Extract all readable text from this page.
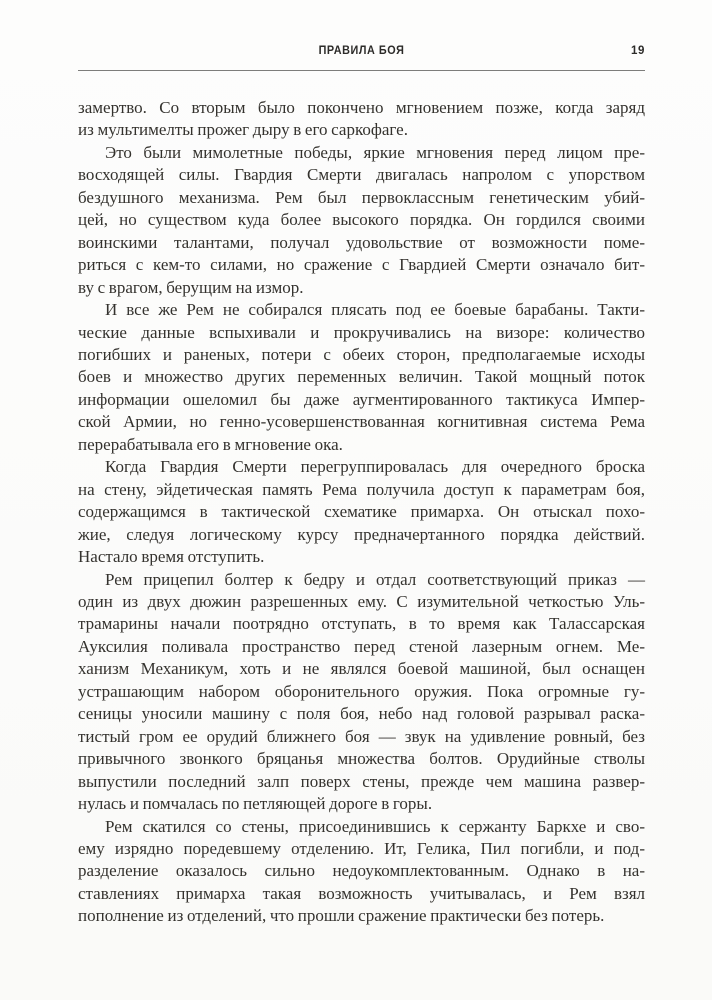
ПРАВИЛА БОЯ	19
замертво. Со вторым было покончено мгновением позже, когда заряд
из мультимелты прожег дыру в его саркофаге.
Это были мимолетные победы, яркие мгновения перед лицом пре-
восходящей силы. Гвардия Смерти двигалась напролом с упорством
бездушного механизма. Рем был первоклассным генетическим убий-
цей, но существом куда более высокого порядка. Он гордился своими
воинскими талантами, получал удовольствие от возможности поме-
риться с кем-то силами, но сражение с Гвардией Смерти означало бит-
ву с врагом, берущим на измор.
И все же Рем не собирался плясать под ее боевые барабаны. Такти-
ческие данные вспыхивали и прокручивались на визоре: количество
погибших и раненых, потери с обеих сторон, предполагаемые исходы
боев и множество других переменных величин. Такой мощный поток
информации ошеломил бы даже аугментированного тактикуса Импер-
ской Армии, но генно-усовершенствованная когнитивная система Рема
перерабатывала его в мгновение ока.
Когда Гвардия Смерти перегруппировалась для очередного броска
на стену, эйдетическая память Рема получила доступ к параметрам боя,
содержащимся в тактической схематике примарха. Он отыскал похо-
жие, следуя логическому курсу предначертанного порядка действий.
Настало время отступить.
Рем прицепил болтер к бедру и отдал соответствующий приказ —
один из двух дюжин разрешенных ему. С изумительной четкостью Уль-
трамарины начали поотрядно отступать, в то время как Талассарская
Ауксилия поливала пространство перед стеной лазерным огнем. Ме-
ханизм Механикум, хоть и не являлся боевой машиной, был оснащен
устрашающим набором оборонительного оружия. Пока огромные гу-
сеницы уносили машину с поля боя, небо над головой разрывал раска-
тистый гром ее орудий ближнего боя — звук на удивление ровный, без
привычного звонкого бряцанья множества болтов. Орудийные стволы
выпустили последний залп поверх стены, прежде чем машина развер-
нулась и помчалась по петляющей дороге в горы.
Рем скатился со стены, присоединившись к сержанту Баркхе и сво-
ему изрядно поредевшему отделению. Ит, Гелика, Пил погибли, и под-
разделение оказалось сильно недоукомплектованным. Однако в на-
ставлениях примарха такая возможность учитывалась, и Рем взял
пополнение из отделений, что прошли сражение практически без потерь.
